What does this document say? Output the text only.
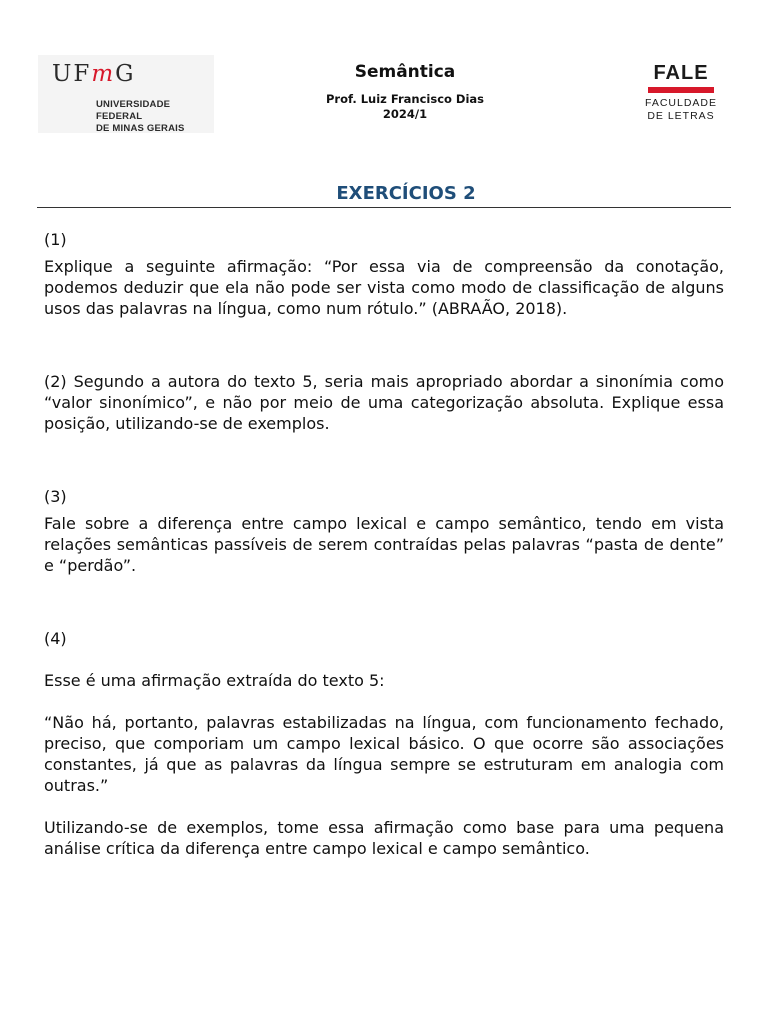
UFmG
UNIVERSIDADE FEDERAL
DE MINAS GERAIS
Semântica
Prof. Luiz Francisco Dias
2024/1
FALE
FACULDADE
DE LETRAS
EXERCÍCIOS 2

(1)

Explique a seguinte afirmação: “Por essa via de compreensão da conotação, podemos deduzir que ela não pode ser vista como modo de classificação de alguns usos das palavras na língua, como num rótulo.” (ABRAÃO, 2018).

(2) Segundo a autora do texto 5, seria mais apropriado abordar a sinonímia como “valor sinonímico”, e não por meio de uma categorização absoluta. Explique essa posição, utilizando-se de exemplos.

(3)

Fale sobre a diferença entre campo lexical e campo semântico, tendo em vista relações semânticas passíveis de serem contraídas pelas palavras “pasta de dente” e “perdão”.

(4)

Esse é uma afirmação extraída do texto 5:

“Não há, portanto, palavras estabilizadas na língua, com funcionamento fechado, preciso, que comporiam um campo lexical básico. O que ocorre são associações constantes, já que as palavras da língua sempre se estruturam em analogia com outras.”

Utilizando-se de exemplos, tome essa afirmação como base para uma pequena análise crítica da diferença entre campo lexical e campo semântico.
